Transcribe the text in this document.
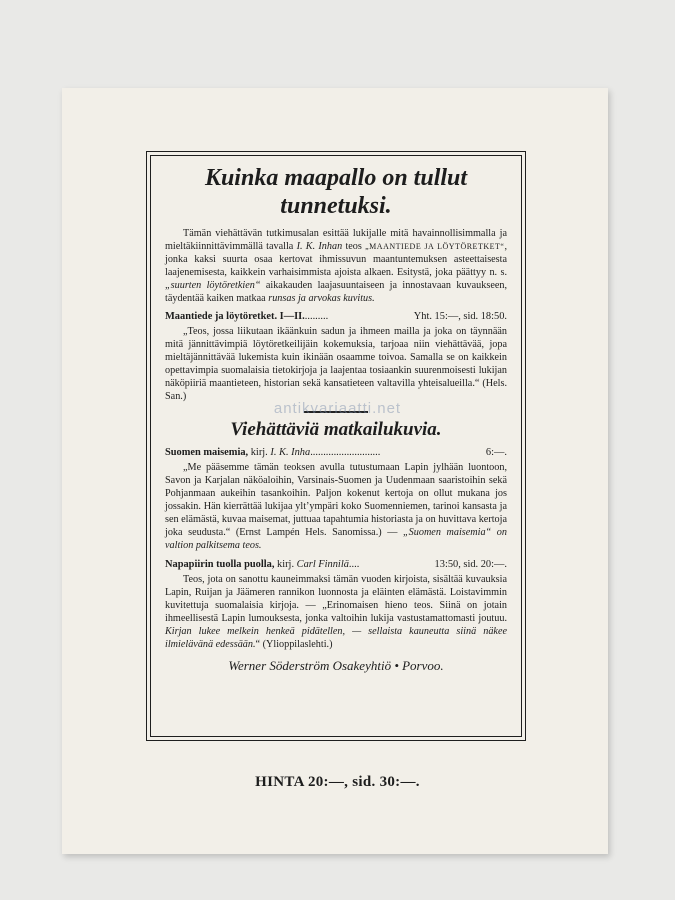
Kuinka maapallo on tullut tunnetuksi.

Tämän viehättävän tutkimusalan esittää lukijalle mitä havainnollisimmalla ja mieltäkiinnittävimmällä tavalla I. K. Inhan teos „MAANTIEDE JA LÖYTÖRETKET“, jonka kaksi suurta osaa kertovat ihmissuvun maantuntemuksen asteettaisesta laajenemisesta, kaikkein varhaisimmista ajoista alkaen. Esitystä, joka päättyy n. s. „suurten löytöretkien“ aikakauden laajasuuntaiseen ja innostavaan kuvaukseen, täydentää kaiken matkaa runsas ja arvokas kuvitus.

Maantiede ja löytöretket. I—II. .........	Yht. 15:—, sid. 18:50.

„Teos, jossa liikutaan ikäänkuin sadun ja ihmeen mailla ja joka on täynnään mitä jännittävimpiä löytöretkeilijäin kokemuksia, tarjoaa niin viehättävää, jopa mieltäjännittävää lukemista kuin ikinään osaamme toivoa. Samalla se on kaikkein opettavimpia suomalaisia tietokirjoja ja laajentaa tosiaankin suurenmoisesti lukijan näköpiiriä maantieteen, historian sekä kansatieteen valtavilla yhteisalueilla.“ (Hels. San.)

Viehättäviä matkailukuvia.
Suomen maisemia, kirj. I. K. Inha ...........................	6:—.

„Me pääsemme tämän teoksen avulla tutustumaan Lapin jylhään luontoon, Savon ja Karjalan näköaloihin, Varsinais-Suomen ja Uudenmaan saaristoihin sekä Pohjanmaan aukeihin tasankoihin. Paljon kokenut kertoja on ollut mukana jos jossakin. Hän kierrättää lukijaa ylt’ympäri koko Suomenniemen, tarinoi kansasta ja sen elämästä, kuvaa maisemat, juttuaa tapahtumia historiasta ja on huvittava kertoja joka seudusta.“ (Ernst Lampén Hels. Sanomissa.) — „Suomen maisemia“ on valtion palkitsema teos.

Napapiirin tuolla puolla, kirj. Carl Finnilä ....	13:50, sid. 20:—.

Teos, jota on sanottu kauneimmaksi tämän vuoden kirjoista, sisältää kuvauksia Lapin, Ruijan ja Jäämeren rannikon luonnosta ja eläinten elämästä. Loistavimmin kuvitettuja suomalaisia kirjoja. — „Erinomaisen hieno teos. Siinä on jotain ihmeellisestä Lapin lumouksesta, jonka valtoihin lukija vastustamattomasti joutuu. Kirjan lukee melkein henkeä pidätellen, — sellaista kauneutta siinä näkee ilmielävänä edessään.“ (Ylioppilaslehti.)

Werner Söderström Osakeyhtiö • Porvoo.
HINTA 20:—, sid. 30:—.
antikvariaatti.net
